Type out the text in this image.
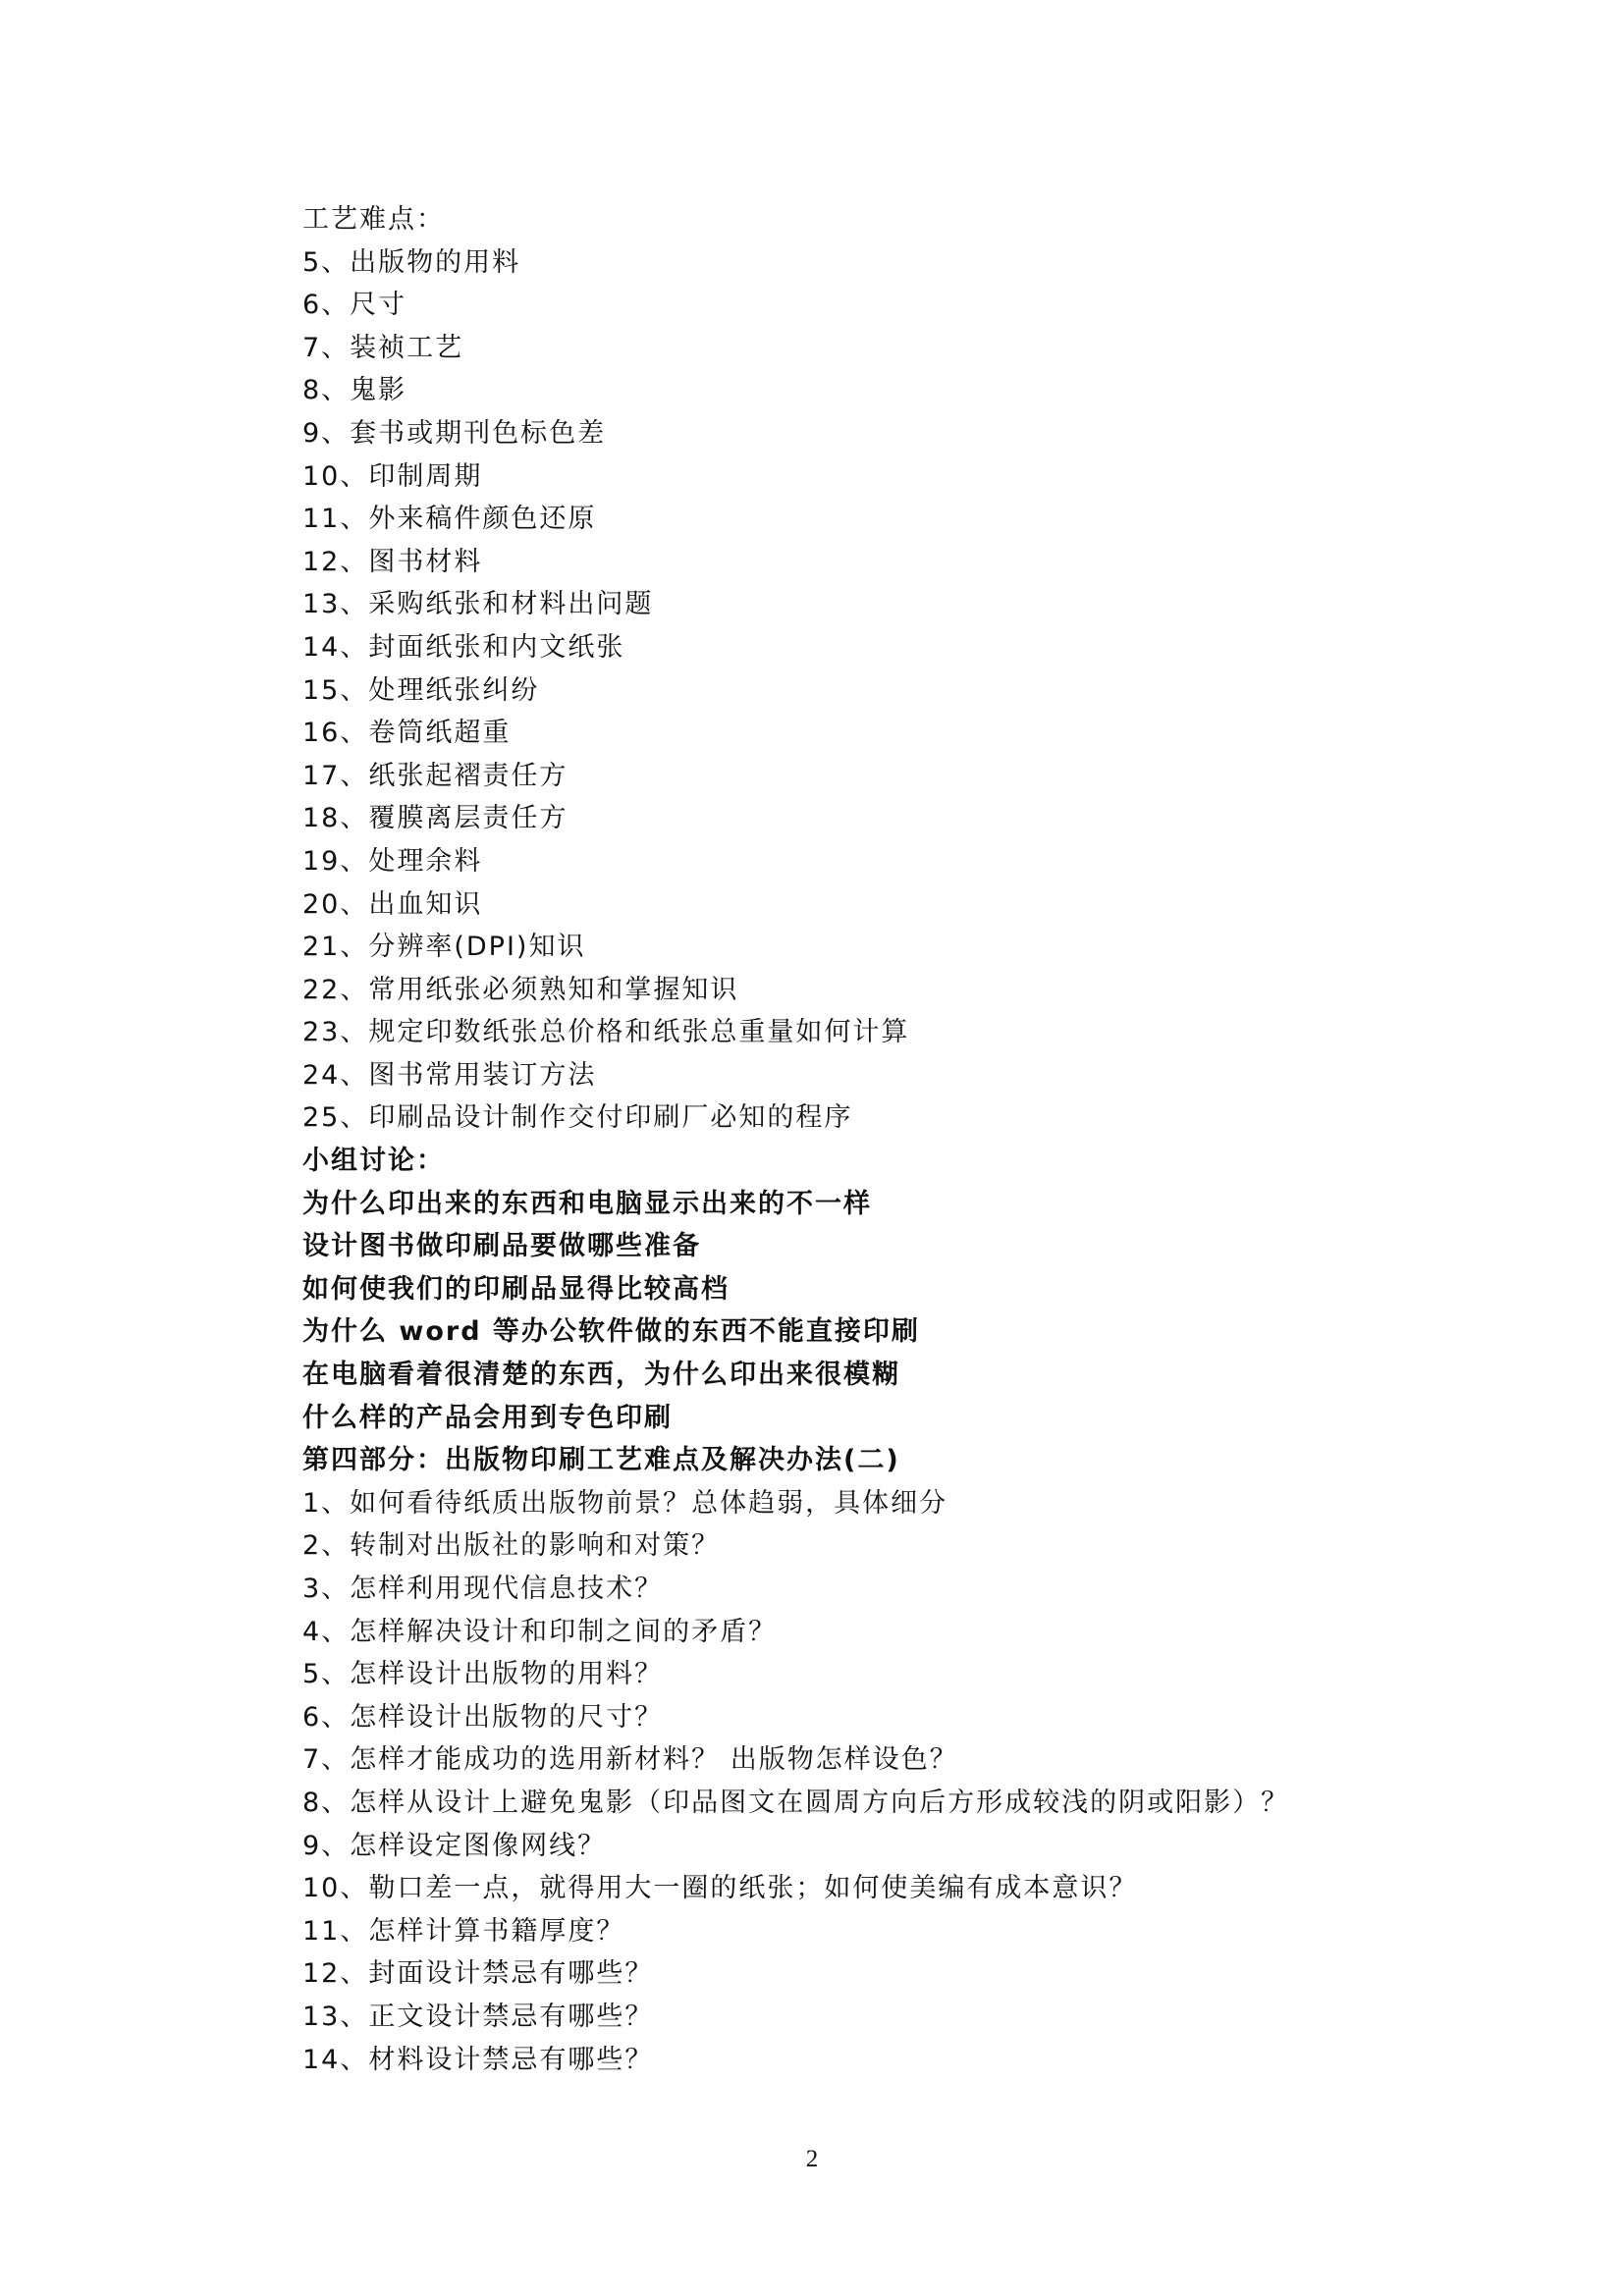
工艺难点：
5、出版物的用料
6、尺寸
7、装祯工艺
8、鬼影
9、套书或期刊色标色差
10、印制周期
11、外来稿件颜色还原
12、图书材料
13、采购纸张和材料出问题
14、封面纸张和内文纸张
15、处理纸张纠纷
16、卷筒纸超重
17、纸张起褶责任方
18、覆膜离层责任方
19、处理余料
20、出血知识
21、分辨率(DPI)知识
22、常用纸张必须熟知和掌握知识
23、规定印数纸张总价格和纸张总重量如何计算
24、图书常用装订方法
25、印刷品设计制作交付印刷厂必知的程序
小组讨论：
为什么印出来的东西和电脑显示出来的不一样
设计图书做印刷品要做哪些准备
如何使我们的印刷品显得比较高档
为什么 word 等办公软件做的东西不能直接印刷
在电脑看着很清楚的东西，为什么印出来很模糊
什么样的产品会用到专色印刷
第四部分：出版物印刷工艺难点及解决办法(二)
1、如何看待纸质出版物前景？总体趋弱，具体细分
2、转制对出版社的影响和对策？
3、怎样利用现代信息技术？
4、怎样解决设计和印制之间的矛盾？
5、怎样设计出版物的用料？
6、怎样设计出版物的尺寸？
7、怎样才能成功的选用新材料？ 出版物怎样设色？
8、怎样从设计上避免鬼影（印品图文在圆周方向后方形成较浅的阴或阳影）？
9、怎样设定图像网线？
10、勒口差一点，就得用大一圈的纸张；如何使美编有成本意识？
11、怎样计算书籍厚度？
12、封面设计禁忌有哪些？
13、正文设计禁忌有哪些？
14、材料设计禁忌有哪些？
2
